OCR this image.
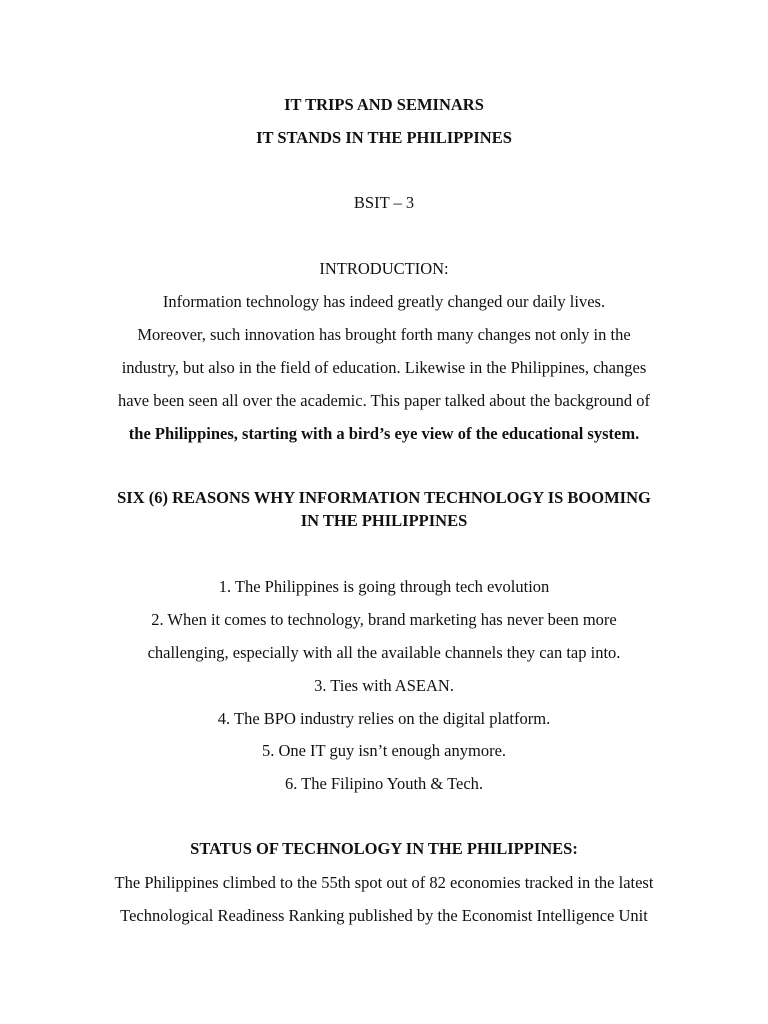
IT TRIPS AND SEMINARS
IT STANDS IN THE PHILIPPINES
BSIT – 3
INTRODUCTION:
Information technology has indeed greatly changed our daily lives.
Moreover, such innovation has brought forth many changes not only in the
industry, but also in the field of education. Likewise in the Philippines, changes
have been seen all over the academic. This paper talked about the background of
the Philippines, starting with a bird’s eye view of the educational system.
SIX (6) REASONS WHY INFORMATION TECHNOLOGY IS BOOMING
IN THE PHILIPPINES
1. The Philippines is going through tech evolution
2. When it comes to technology, brand marketing has never been more
challenging, especially with all the available channels they can tap into.
3. Ties with ASEAN.
4. The BPO industry relies on the digital platform.
5. One IT guy isn’t enough anymore.
6. The Filipino Youth & Tech.
STATUS OF TECHNOLOGY IN THE PHILIPPINES:
The Philippines climbed to the 55th spot out of 82 economies tracked in the latest
Technological Readiness Ranking published by the Economist Intelligence Unit
